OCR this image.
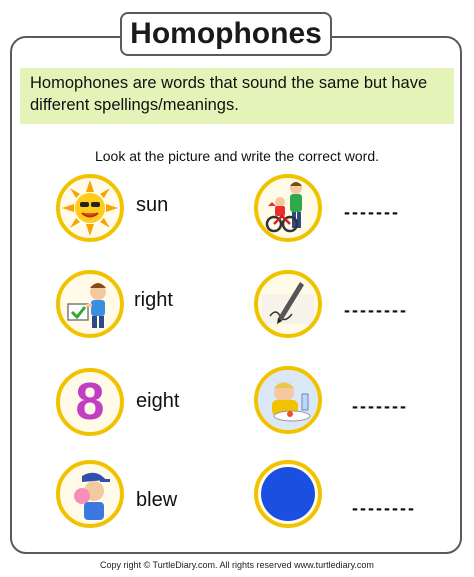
Homophones
Homophones are words that sound the same but have different spellings/meanings.
Look at the picture and write the correct word.
sun
right
8 eight
blew
-------
--------
-------
--------
Copy right © TurtleDiary.com. All rights reserved www.turtlediary.com
